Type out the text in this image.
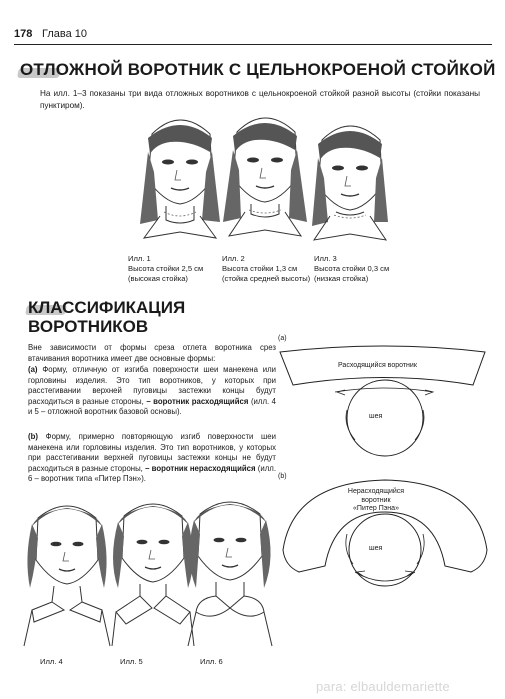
178 Глава 10
ОТЛОЖНОЙ ВОРОТНИК С ЦЕЛЬНОКРОЕНОЙ СТОЙКОЙ
На илл. 1–3 показаны три вида отложных воротников с цельнокроеной стойкой разной высоты (стойки показаны пунктиром).
Илл. 1
Высота стойки 2,5 см
(высокая стойка)
Илл. 2
Высота стойки 1,3 см
(стойка средней высоты)
Илл. 3
Высота стойки 0,3 см
(низкая стойка)
КЛАССИФИКАЦИЯ
ВОРОТНИКОВ
Вне зависимости от формы среза отлета воротника срез втачивания воротника имеет две основные формы:
(a) Форму, отличную от изгиба поверхности шеи манекена или горловины изделия. Это тип воротников, у которых при расстегивании верхней пуговицы застежки концы будут расходиться в разные стороны, – воротник расходящийся (илл. 4 и 5 – отложной воротник базовой основы).
(b) Форму, примерно повторяющую изгиб поверхности шеи манекена или горловины изделия. Это тип воротников, у которых при расстегивании верхней пуговицы застежки концы не будут расходиться в разные стороны, – воротник нерасходящийся (илл. 6 – воротник типа «Питер Пэн»).
(a)
Расходящийся воротник
шея
(b)
Нерасходящийся
воротник
«Питер Пэна»
шея
Илл. 4	Илл. 5	Илл. 6
para: elbauldemariette
